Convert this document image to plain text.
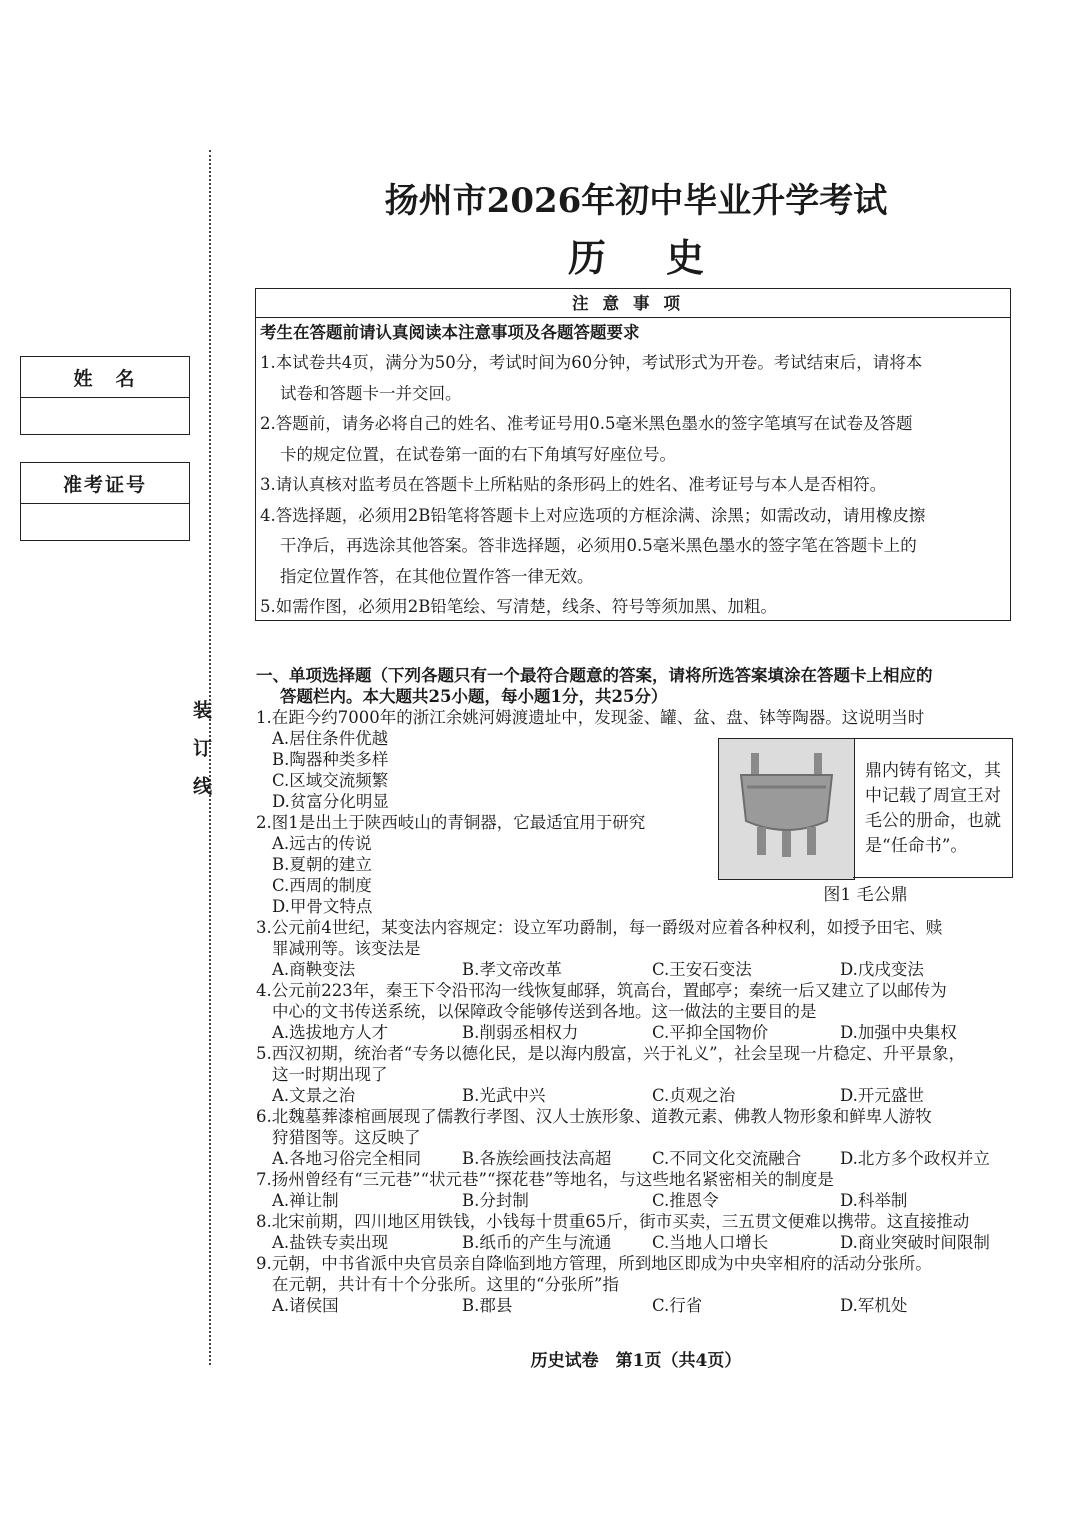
姓　名
准考证号
装　订　线
扬州市2026年初中毕业升学考试
历史
注意事项
考生在答题前请认真阅读本注意事项及各题答题要求
1.本试卷共4页，满分为50分，考试时间为60分钟，考试形式为开卷。考试结束后，请将本
试卷和答题卡一并交回。
2.答题前，请务必将自己的姓名、准考证号用0.5毫米黑色墨水的签字笔填写在试卷及答题
卡的规定位置，在试卷第一面的右下角填写好座位号。
3.请认真核对监考员在答题卡上所粘贴的条形码上的姓名、准考证号与本人是否相符。
4.答选择题，必须用2B铅笔将答题卡上对应选项的方框涂满、涂黑；如需改动，请用橡皮擦
干净后，再选涂其他答案。答非选择题，必须用0.5毫米黑色墨水的签字笔在答题卡上的
指定位置作答，在其他位置作答一律无效。
5.如需作图，必须用2B铅笔绘、写清楚，线条、符号等须加黑、加粗。
一、单项选择题（下列各题只有一个最符合题意的答案，请将所选答案填涂在答题卡上相应的
答题栏内。本大题共25小题，每小题1分，共25分）
1.在距今约7000年的浙江余姚河姆渡遗址中，发现釜、罐、盆、盘、钵等陶器。这说明当时
A.居住条件优越
B.陶器种类多样
C.区域交流频繁
D.贫富分化明显
鼎内铸有铭文，其中记载了周宣王对毛公的册命，也就是“任命书”。
图1 毛公鼎
2.图1是出土于陕西岐山的青铜器，它最适宜用于研究
A.远古的传说
B.夏朝的建立
C.西周的制度
D.甲骨文特点
3.公元前4世纪，某变法内容规定：设立军功爵制，每一爵级对应着各种权利，如授予田宅、赎
罪减刑等。该变法是
A.商鞅变法	B.孝文帝改革	C.王安石变法	D.戊戌变法
4.公元前223年，秦王下令沿邗沟一线恢复邮驿，筑高台，置邮亭；秦统一后又建立了以邮传为
中心的文书传送系统，以保障政令能够传送到各地。这一做法的主要目的是
A.选拔地方人才	B.削弱丞相权力	C.平抑全国物价	D.加强中央集权
5.西汉初期，统治者“专务以德化民，是以海内殷富，兴于礼义”，社会呈现一片稳定、升平景象，
这一时期出现了
A.文景之治	B.光武中兴	C.贞观之治	D.开元盛世
6.北魏墓葬漆棺画展现了儒教行孝图、汉人士族形象、道教元素、佛教人物形象和鲜卑人游牧
狩猎图等。这反映了
A.各地习俗完全相同 B.各族绘画技法高超 C.不同文化交流融合 D.北方多个政权并立
7.扬州曾经有“三元巷”“状元巷”“探花巷”等地名，与这些地名紧密相关的制度是
A.禅让制	B.分封制	C.推恩令	D.科举制
8.北宋前期，四川地区用铁钱，小钱每十贯重65斤，街市买卖，三五贯文便难以携带。这直接推动
A.盐铁专卖出现	B.纸币的产生与流通 C.当地人口增长	D.商业突破时间限制
9.元朝，中书省派中央官员亲自降临到地方管理，所到地区即成为中央宰相府的活动分张所。
在元朝，共计有十个分张所。这里的“分张所”指
A.诸侯国	B.郡县	C.行省	D.军机处
历史试卷　第1页（共4页）
